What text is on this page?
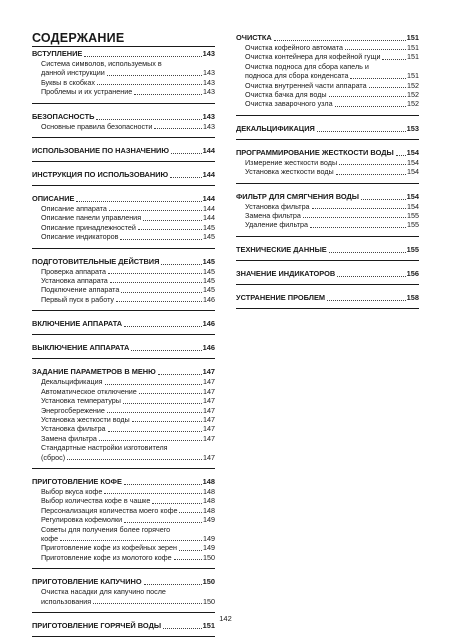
СОДЕРЖАНИЕ
ВСТУПЛЕНИЕ	143
Система символов, используемых в
данной инструкции	143
Буквы в скобках	143
Проблемы и их устранение	143
БЕЗОПАСНОСТЬ	143
Основные правила безопасности	143
ИСПОЛЬЗОВАНИЕ ПО НАЗНАЧЕНИЮ	144
ИНСТРУКЦИЯ ПО ИСПОЛЬЗОВАНИЮ	144
ОПИСАНИЕ	144
Описание аппарата	144
Описание панели управления	144
Описание принадлежностей	145
Описание индикаторов	145
ПОДГОТОВИТЕЛЬНЫЕ ДЕЙСТВИЯ	145
Проверка аппарата	145
Установка аппарата	145
Подключение аппарата	145
Первый пуск в работу	146
ВКЛЮЧЕНИЕ АППАРАТА	146
ВЫКЛЮЧЕНИЕ АППАРАТА	146
ЗАДАНИЕ ПАРАМЕТРОВ В МЕНЮ	147
Декальцификация	147
Автоматическое отключение	147
Установка температуры	147
Энергосбережение	147
Установка жесткости воды	147
Установка фильтра	147
Замена фильтра	147
Стандартные настройки изготовителя
(сброс)	147
ПРИГОТОВЛЕНИЕ КОФЕ	148
Выбор вкуса кофе	148
Выбор количества кофе в чашке	148
Персонализация количества моего кофе	148
Регулировка кофемолки	149
Советы для получения более горячего
кофе	149
Приготовление кофе из кофейных зерен	149
Приготовление кофе из молотого кофе	150
ПРИГОТОВЛЕНИЕ КАПУЧИНО	150
Очистка насадки для капучино после
использования	150
ПРИГОТОВЛЕНИЕ ГОРЯЧЕЙ ВОДЫ	151
ОЧИСТКА	151
Очистка кофейного автомата	151
Очистка контейнера для кофейной гущи	151
Очистка подноса для сбора капель и
подноса для сбора конденсата	151
Очистка внутренней части аппарата	152
Очистка бачка для воды	152
Очистка заварочного узла	152
ДЕКАЛЬЦИФИКАЦИЯ	153
ПРОГРАММИРОВАНИЕ ЖЕСТКОСТИ ВОДЫ 154
Измерение жесткости воды	154
Установка жесткости воды	154
ФИЛЬТР ДЛЯ СМЯГЧЕНИЯ ВОДЫ	154
Установка фильтра	154
Замена фильтра	155
Удаление фильтра	155
ТЕХНИЧЕСКИЕ ДАННЫЕ	155
ЗНАЧЕНИЕ ИНДИКАТОРОВ	156
УСТРАНЕНИЕ ПРОБЛЕМ	158
142
